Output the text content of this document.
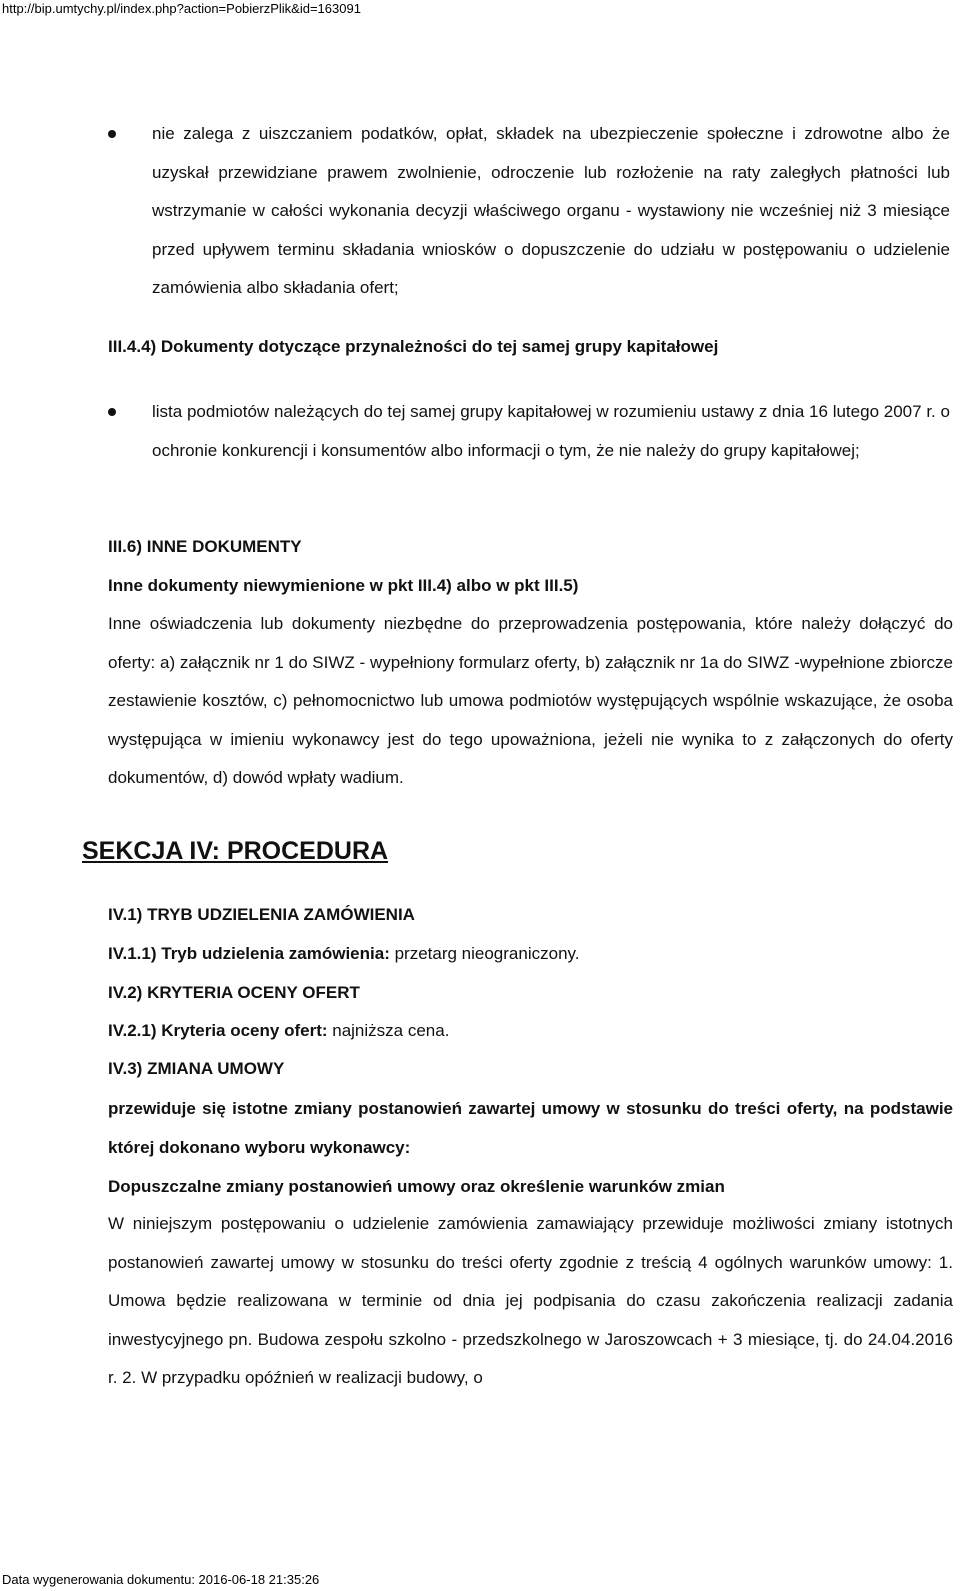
http://bip.umtychy.pl/index.php?action=PobierzPlik&id=163091
nie zalega z uiszczaniem podatków, opłat, składek na ubezpieczenie społeczne i zdrowotne albo że uzyskał przewidziane prawem zwolnienie, odroczenie lub rozłożenie na raty zaległych płatności lub wstrzymanie w całości wykonania decyzji właściwego organu - wystawiony nie wcześniej niż 3 miesiące przed upływem terminu składania wniosków o dopuszczenie do udziału w postępowaniu o udzielenie zamówienia albo składania ofert;
III.4.4) Dokumenty dotyczące przynależności do tej samej grupy kapitałowej
lista podmiotów należących do tej samej grupy kapitałowej w rozumieniu ustawy z dnia 16 lutego 2007 r. o ochronie konkurencji i konsumentów albo informacji o tym, że nie należy do grupy kapitałowej;
III.6) INNE DOKUMENTY
Inne dokumenty niewymienione w pkt III.4) albo w pkt III.5)
Inne oświadczenia lub dokumenty niezbędne do przeprowadzenia postępowania, które należy dołączyć do oferty: a) załącznik nr 1 do SIWZ - wypełniony formularz oferty, b) załącznik nr 1a do SIWZ -wypełnione zbiorcze zestawienie kosztów, c) pełnomocnictwo lub umowa podmiotów występujących wspólnie wskazujące, że osoba występująca w imieniu wykonawcy jest do tego upoważniona, jeżeli nie wynika to z załączonych do oferty dokumentów, d) dowód wpłaty wadium.
SEKCJA IV: PROCEDURA
IV.1) TRYB UDZIELENIA ZAMÓWIENIA
IV.1.1) Tryb udzielenia zamówienia: przetarg nieograniczony.
IV.2) KRYTERIA OCENY OFERT
IV.2.1) Kryteria oceny ofert: najniższa cena.
IV.3) ZMIANA UMOWY
przewiduje się istotne zmiany postanowień zawartej umowy w stosunku do treści oferty, na podstawie której dokonano wyboru wykonawcy:
Dopuszczalne zmiany postanowień umowy oraz określenie warunków zmian
W niniejszym postępowaniu o udzielenie zamówienia zamawiający przewiduje możliwości zmiany istotnych postanowień zawartej umowy w stosunku do treści oferty zgodnie z treścią 4 ogólnych warunków umowy: 1. Umowa będzie realizowana w terminie od dnia jej podpisania do czasu zakończenia realizacji zadania inwestycyjnego pn. Budowa zespołu szkolno - przedszkolnego w Jaroszowcach + 3 miesiące, tj. do 24.04.2016 r. 2. W przypadku opóźnień w realizacji budowy, o
Data wygenerowania dokumentu: 2016-06-18 21:35:26
